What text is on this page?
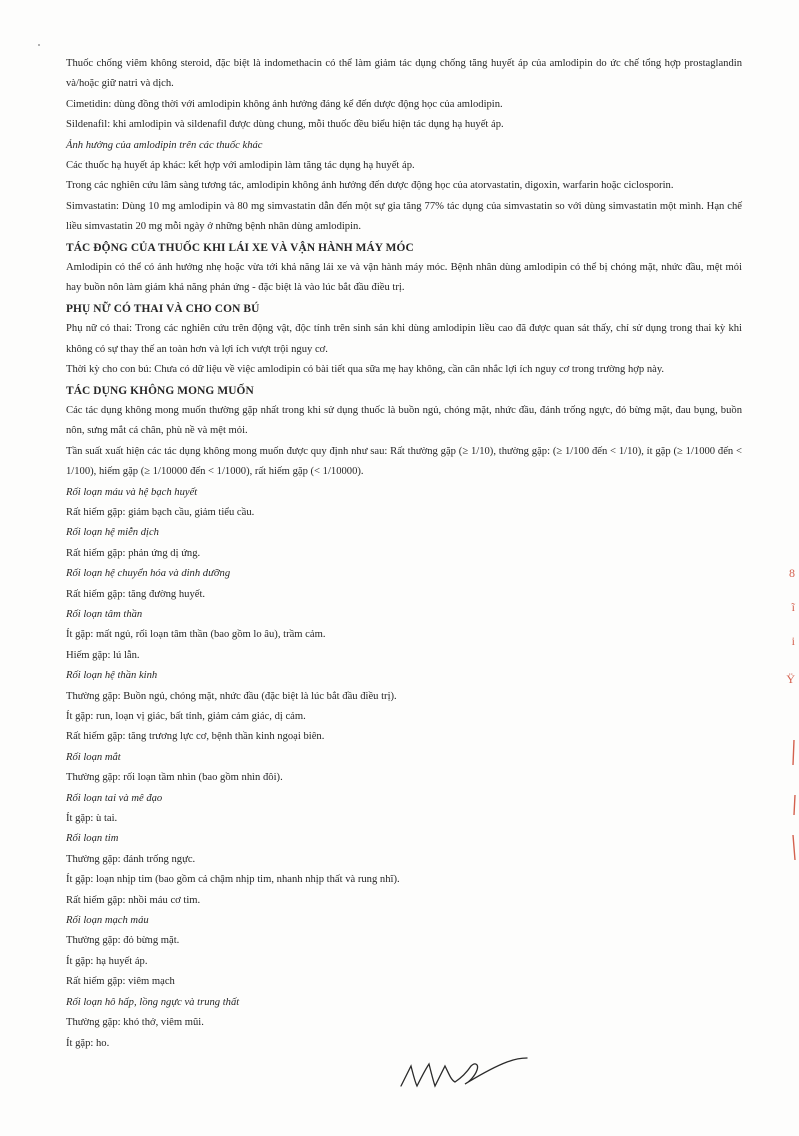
Thuốc chống viêm không steroid, đặc biệt là indomethacin có thể làm giảm tác dụng chống tăng huyết áp của amlodipin do ức chế tổng hợp prostaglandin và/hoặc giữ natri và dịch.

Cimetidin: dùng đồng thời với amlodipin không ảnh hưởng đáng kể đến dược động học của amlodipin.

Sildenafil: khi amlodipin và sildenafil được dùng chung, mỗi thuốc đều biểu hiện tác dụng hạ huyết áp.

Ảnh hưởng của amlodipin trên các thuốc khác

Các thuốc hạ huyết áp khác: kết hợp với amlodipin làm tăng tác dụng hạ huyết áp.

Trong các nghiên cứu lâm sàng tương tác, amlodipin không ảnh hưởng đến dược động học của atorvastatin, digoxin, warfarin hoặc ciclosporin.

Simvastatin: Dùng 10 mg amlodipin và 80 mg simvastatin dẫn đến một sự gia tăng 77% tác dụng của simvastatin so với dùng simvastatin một mình. Hạn chế liều simvastatin 20 mg mỗi ngày ở những bệnh nhân dùng amlodipin.

TÁC ĐỘNG CỦA THUỐC KHI LÁI XE VÀ VẬN HÀNH MÁY MÓC

Amlodipin có thể có ảnh hưởng nhẹ hoặc vừa tới khả năng lái xe và vận hành máy móc. Bệnh nhân dùng amlodipin có thể bị chóng mặt, nhức đầu, mệt mỏi hay buồn nôn làm giảm khả năng phản ứng - đặc biệt là vào lúc bắt đầu điều trị.

PHỤ NỮ CÓ THAI VÀ CHO CON BÚ

Phụ nữ có thai: Trong các nghiên cứu trên động vật, độc tính trên sinh sản khi dùng amlodipin liều cao đã được quan sát thấy, chỉ sử dụng trong thai kỳ khi không có sự thay thế an toàn hơn và lợi ích vượt trội nguy cơ.

Thời kỳ cho con bú: Chưa có dữ liệu về việc amlodipin có bài tiết qua sữa mẹ hay không, cần cân nhắc lợi ích nguy cơ trong trường hợp này.

TÁC DỤNG KHÔNG MONG MUỐN

Các tác dụng không mong muốn thường gặp nhất trong khi sử dụng thuốc là buồn ngủ, chóng mặt, nhức đầu, đánh trống ngực, đỏ bừng mặt, đau bụng, buồn nôn, sưng mắt cá chân, phù nề và mệt mỏi.

Tần suất xuất hiện các tác dụng không mong muốn được quy định như sau: Rất thường gặp (≥ 1/10), thường gặp: (≥ 1/100 đến < 1/10), ít gặp (≥ 1/1000 đến < 1/100), hiếm gặp (≥ 1/10000 đến < 1/1000), rất hiếm gặp (< 1/10000).

Rối loạn máu và hệ bạch huyết

Rất hiếm gặp: giảm bạch cầu, giảm tiểu cầu.

Rối loạn hệ miễn dịch

Rất hiếm gặp: phản ứng dị ứng.

Rối loạn hệ chuyển hóa và dinh dưỡng

Rất hiếm gặp: tăng đường huyết.

Rối loạn tâm thần

Ít gặp: mất ngủ, rối loạn tâm thần (bao gồm lo âu), trầm cảm.

Hiếm gặp: lú lẫn.

Rối loạn hệ thần kinh

Thường gặp: Buồn ngủ, chóng mặt, nhức đầu (đặc biệt là lúc bắt đầu điều trị).

Ít gặp: run, loạn vị giác, bất tỉnh, giảm cảm giác, dị cảm.

Rất hiếm gặp: tăng trương lực cơ, bệnh thần kinh ngoại biên.

Rối loạn mắt

Thường gặp: rối loạn tầm nhìn (bao gồm nhìn đôi).

Rối loạn tai và mê đạo

Ít gặp: ù tai.

Rối loạn tim

Thường gặp: đánh trống ngực.

Ít gặp: loạn nhịp tim (bao gồm cả chậm nhịp tim, nhanh nhịp thất và rung nhĩ).

Rất hiếm gặp: nhồi máu cơ tim.

Rối loạn mạch máu

Thường gặp: đỏ bừng mặt.

Ít gặp: hạ huyết áp.

Rất hiếm gặp: viêm mạch

Rối loạn hô hấp, lồng ngực và trung thất

Thường gặp: khó thở, viêm mũi.

Ít gặp: ho.

8
ĩ
i
Ÿ
